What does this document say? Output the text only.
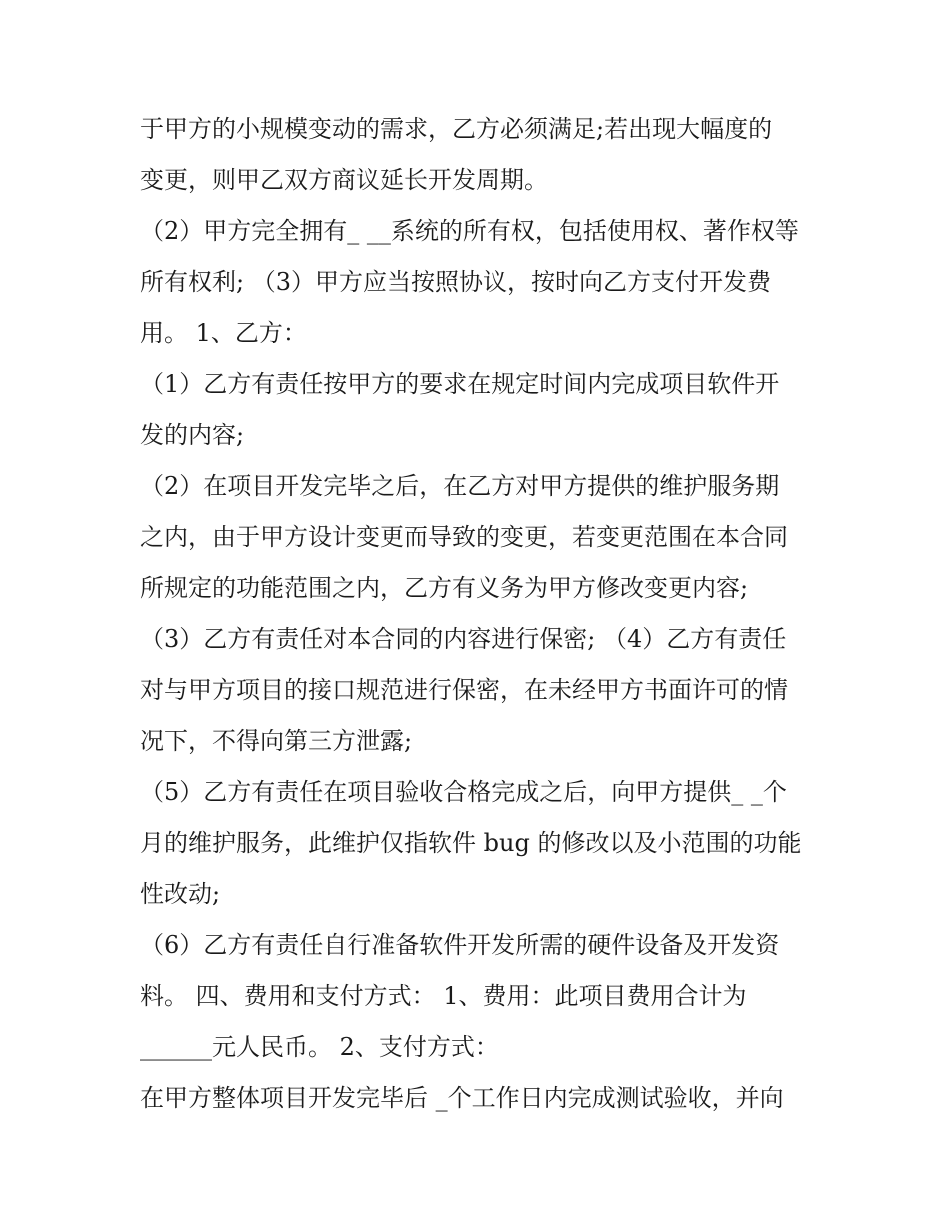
于甲方的小规模变动的需求，乙方必须满足;若出现大幅度的
变更，则甲乙双方商议延长开发周期。
（2）甲方完全拥有_ __系统的所有权，包括使用权、著作权等
所有权利; （3）甲方应当按照协议，按时向乙方支付开发费
用。 1、乙方：
（1）乙方有责任按甲方的要求在规定时间内完成项目软件开
发的内容;
（2）在项目开发完毕之后，在乙方对甲方提供的维护服务期
之内，由于甲方设计变更而导致的变更，若变更范围在本合同
所规定的功能范围之内，乙方有义务为甲方修改变更内容;
（3）乙方有责任对本合同的内容进行保密; （4）乙方有责任
对与甲方项目的接口规范进行保密，在未经甲方书面许可的情
况下，不得向第三方泄露;
（5）乙方有责任在项目验收合格完成之后，向甲方提供_ _个
月的维护服务，此维护仅指软件 bug 的修改以及小范围的功能
性改动;
（6）乙方有责任自行准备软件开发所需的硬件设备及开发资
料。 四、费用和支付方式： 1、费用：此项目费用合计为
______元人民币。 2、支付方式：
在甲方整体项目开发完毕后 _个工作日内完成测试验收，并向
